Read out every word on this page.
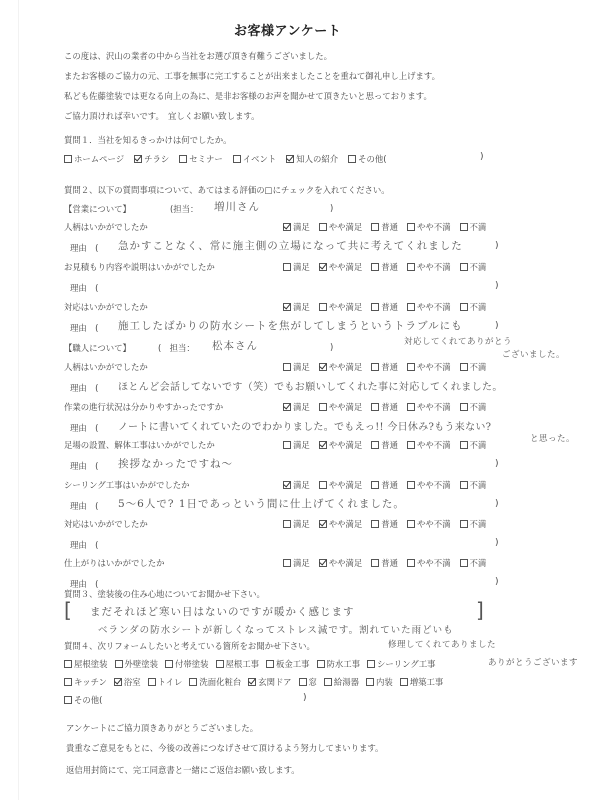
お客様アンケート
この度は、沢山の業者の中から当社をお選び頂き有難うございました。
またお客様のご協力の元、工事を無事に完工することが出来ましたことを重ねて御礼申し上げます。
私ども佐藤塗装では更なる向上の為に、是非お客様のお声を聞かせて頂きたいと思っております。
ご協力頂ければ幸いです。　宜しくお願い致します。
質問１．当社を知るきっかけは何でしたか。
ホームページ チラシ セミナー イベント 知人の紹介 その他(	)
質問２、以下の質問事項について、あてはまる評価の□にチェックを入れてください。
【営業について】	(担当： 増川さん	)
人柄はいかがでしたか	満足 やや満足 普通 やや不満 不満
理由　( 急かすことなく、常に施主側の立場になって共に考えてくれました	)
お見積もり内容や説明はいかがでしたか	満足 やや満足 普通 やや不満 不満
理由　(	)
対応はいかがでしたか	満足 やや満足 普通 やや不満 不満
理由　( 施工したばかりの防水シートを焦がしてしまうというトラブルにも	)
対応してくれてありがとう
ございました。
【職人について】	(　担当： 松本さん	)
人柄はいかがでしたか	満足 やや満足 普通 やや不満 不満
理由　( ほとんど会話してないです（笑）でもお願いしてくれた事に対応してくれました。
作業の進行状況は分かりやすかったですか	満足 やや満足 普通 やや不満 不満
理由　( ノートに書いてくれていたのでわかりました。でもえっ!! 今日休み?もう来ない?
と思った。
足場の設置、解体工事はいかがでしたか	満足 やや満足 普通 やや不満 不満
理由　( 挨拶なかったですね〜	)
シーリング工事はいかがでしたか	満足 やや満足 普通 やや不満 不満
理由　( 5〜6人で? 1日であっという間に仕上げてくれました。	)
対応はいかがでしたか	満足 やや満足 普通 やや不満 不満
理由　(	)
仕上がりはいかがでしたか	満足 やや満足 普通 やや不満 不満
理由　(	)
質問３、塗装後の住み心地についてお聞かせ下さい。
[ まだそれほど寒い日はないのですが暖かく感じます	]
ベランダの防水シートが新しくなってストレス減です。割れていた雨どいも
質問４、次リフォームしたいと考えている箇所をお聞かせ下さい。	修理してくれてありました
屋根塗装 外壁塗装 付帯塗装 屋根工事 板金工事 防水工事 シーリング工事	ありがとうございます
キッチン 浴室 トイレ 洗面化粧台 玄関ドア 窓 給湯器 内装 増築工事
その他(	)
アンケートにご協力頂きありがとうございました。
貴重なご意見をもとに、今後の改善につなげさせて頂けるよう努力してまいります。
返信用封筒にて、完工同意書と一緒にご返信お願い致します。
